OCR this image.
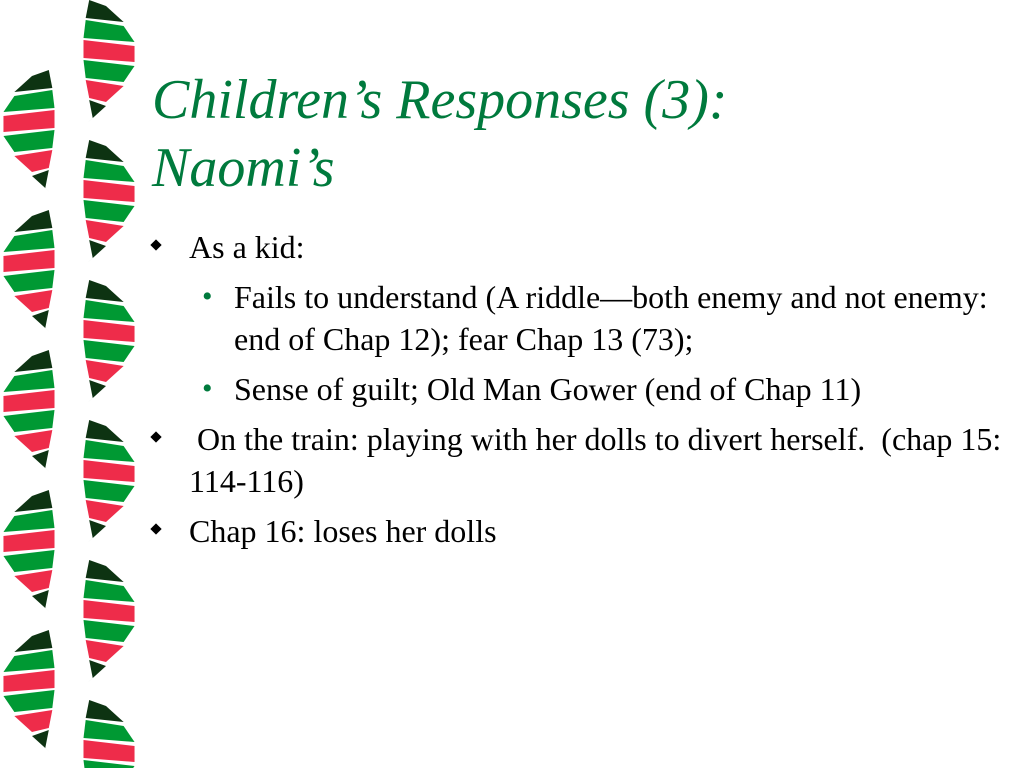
Children’s Responses (3):
Naomi’s
As a kid:
• Fails to understand (A riddle—both enemy and not enemy: end of Chap 12); fear Chap 13 (73);
• Sense of guilt; Old Man Gower (end of Chap 11)
On the train: playing with her dolls to divert herself.  (chap 15: 114-116)
Chap 16: loses her dolls
